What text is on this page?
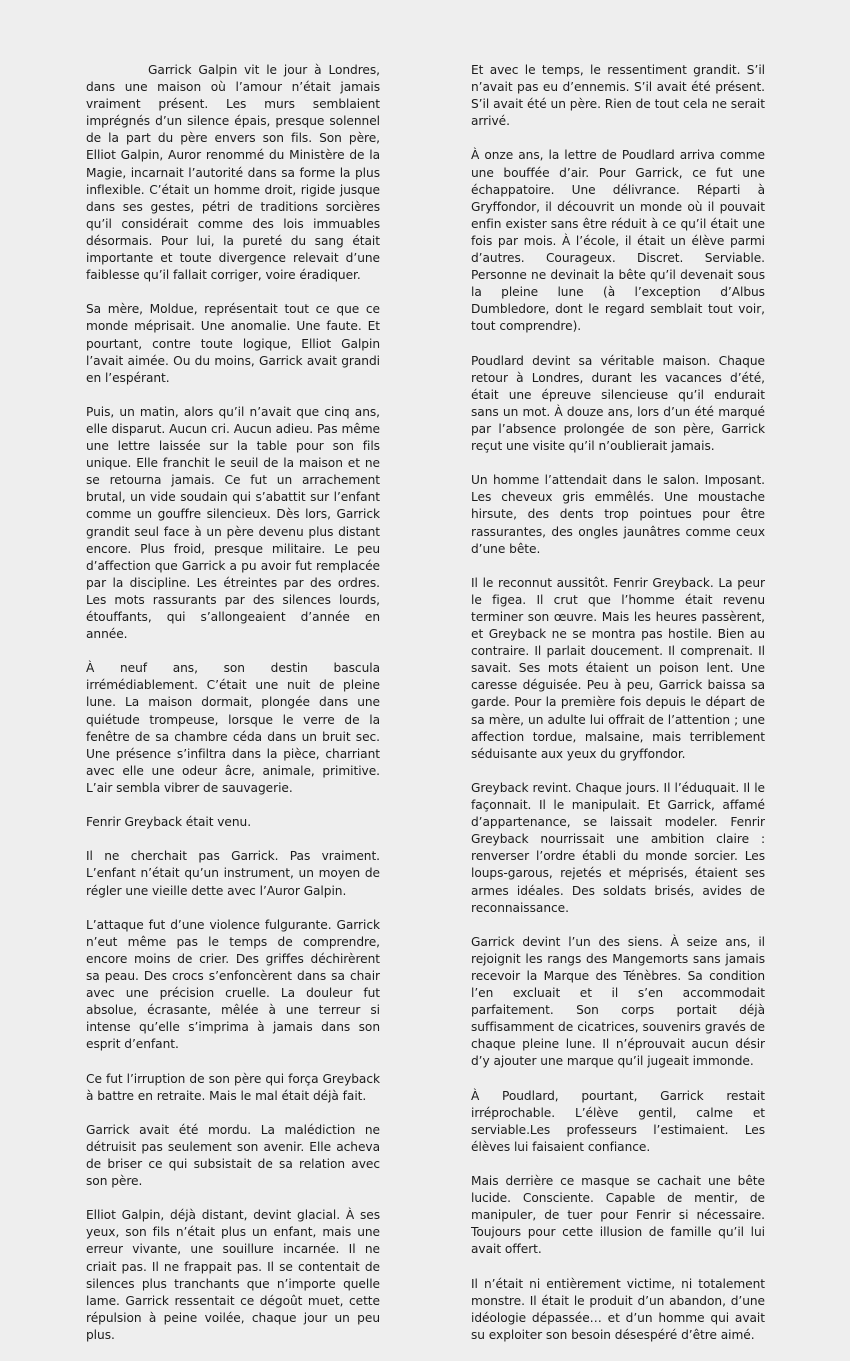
Garrick Galpin vit le jour à Londres, dans une maison où l’amour n’était jamais vraiment présent. Les murs semblaient imprégnés d’un silence épais, presque solennel de la part du père envers son fils. Son père, Elliot Galpin, Auror renommé du Ministère de la Magie, incarnait l’autorité dans sa forme la plus inflexible. C’était un homme droit, rigide jusque dans ses gestes, pétri de traditions sorcières qu’il considérait comme des lois immuables désormais. Pour lui, la pureté du sang était importante et toute divergence relevait d’une faiblesse qu’il fallait corriger, voire éradiquer.

Sa mère, Moldue, représentait tout ce que ce monde méprisait. Une anomalie. Une faute. Et pourtant, contre toute logique, Elliot Galpin l’avait aimée. Ou du moins, Garrick avait grandi en l’espérant.

Puis, un matin, alors qu’il n’avait que cinq ans, elle disparut. Aucun cri. Aucun adieu. Pas même une lettre laissée sur la table pour son fils unique. Elle franchit le seuil de la maison et ne se retourna jamais. Ce fut un arrachement brutal, un vide soudain qui s’abattit sur l’enfant comme un gouffre silencieux. Dès lors, Garrick grandit seul face à un père devenu plus distant encore. Plus froid, presque militaire. Le peu d’affection que Garrick a pu avoir fut remplacée par la discipline. Les étreintes par des ordres. Les mots rassurants par des silences lourds, étouffants, qui s’allongeaient d’année en année.

À neuf ans, son destin bascula irrémédiablement. C’était une nuit de pleine lune. La maison dormait, plongée dans une quiétude trompeuse, lorsque le verre de la fenêtre de sa chambre céda dans un bruit sec. Une présence s’infiltra dans la pièce, charriant avec elle une odeur âcre, animale, primitive. L’air sembla vibrer de sauvagerie.

Fenrir Greyback était venu.

Il ne cherchait pas Garrick. Pas vraiment. L’enfant n’était qu’un instrument, un moyen de régler une vieille dette avec l’Auror Galpin.

L’attaque fut d’une violence fulgurante. Garrick n’eut même pas le temps de comprendre, encore moins de crier. Des griffes déchirèrent sa peau. Des crocs s’enfoncèrent dans sa chair avec une précision cruelle. La douleur fut absolue, écrasante, mêlée à une terreur si intense qu’elle s’imprima à jamais dans son esprit d’enfant.

Ce fut l’irruption de son père qui força Greyback à battre en retraite. Mais le mal était déjà fait.

Garrick avait été mordu. La malédiction ne détruisit pas seulement son avenir. Elle acheva de briser ce qui subsistait de sa relation avec son père.

Elliot Galpin, déjà distant, devint glacial. À ses yeux, son fils n’était plus un enfant, mais une erreur vivante, une souillure incarnée. Il ne criait pas. Il ne frappait pas. Il se contentait de silences plus tranchants que n’importe quelle lame. Garrick ressentait ce dégoût muet, cette répulsion à peine voilée, chaque jour un peu plus.

Et avec le temps, le ressentiment grandit. S’il n’avait pas eu d’ennemis. S’il avait été présent. S’il avait été un père. Rien de tout cela ne serait arrivé.

À onze ans, la lettre de Poudlard arriva comme une bouffée d’air. Pour Garrick, ce fut une échappatoire. Une délivrance. Réparti à Gryffondor, il découvrit un monde où il pouvait enfin exister sans être réduit à ce qu’il était une fois par mois. À l’école, il était un élève parmi d’autres. Courageux. Discret. Serviable. Personne ne devinait la bête qu’il devenait sous la pleine lune (à l’exception d’Albus Dumbledore, dont le regard semblait tout voir, tout comprendre).

Poudlard devint sa véritable maison. Chaque retour à Londres, durant les vacances d’été, était une épreuve silencieuse qu’il endurait sans un mot. À douze ans, lors d’un été marqué par l’absence prolongée de son père, Garrick reçut une visite qu’il n’oublierait jamais.

Un homme l’attendait dans le salon. Imposant. Les cheveux gris emmêlés. Une moustache hirsute, des dents trop pointues pour être rassurantes, des ongles jaunâtres comme ceux d’une bête.

Il le reconnut aussitôt. Fenrir Greyback. La peur le figea. Il crut que l’homme était revenu terminer son œuvre. Mais les heures passèrent, et Greyback ne se montra pas hostile. Bien au contraire. Il parlait doucement. Il comprenait. Il savait. Ses mots étaient un poison lent. Une caresse déguisée. Peu à peu, Garrick baissa sa garde. Pour la première fois depuis le départ de sa mère, un adulte lui offrait de l’attention ; une affection tordue, malsaine, mais terriblement séduisante aux yeux du gryffondor.

Greyback revint. Chaque jours. Il l’éduquait. Il le façonnait. Il le manipulait. Et Garrick, affamé d’appartenance, se laissait modeler. Fenrir Greyback nourrissait une ambition claire : renverser l’ordre établi du monde sorcier. Les loups-garous, rejetés et méprisés, étaient ses armes idéales. Des soldats brisés, avides de reconnaissance.

Garrick devint l’un des siens. À seize ans, il rejoignit les rangs des Mangemorts sans jamais recevoir la Marque des Ténèbres. Sa condition l’en excluait et il s’en accommodait parfaitement. Son corps portait déjà suffisamment de cicatrices, souvenirs gravés de chaque pleine lune. Il n’éprouvait aucun désir d’y ajouter une marque qu’il jugeait immonde.

À Poudlard, pourtant, Garrick restait irréprochable. L’élève gentil, calme et serviable.Les professeurs l’estimaient. Les élèves lui faisaient confiance.

Mais derrière ce masque se cachait une bête lucide. Consciente. Capable de mentir, de manipuler, de tuer pour Fenrir si nécessaire. Toujours pour cette illusion de famille qu’il lui avait offert.

Il n’était ni entièrement victime, ni totalement monstre. Il était le produit d’un abandon, d’une idéologie dépassée… et d’un homme qui avait su exploiter son besoin désespéré d’être aimé.
